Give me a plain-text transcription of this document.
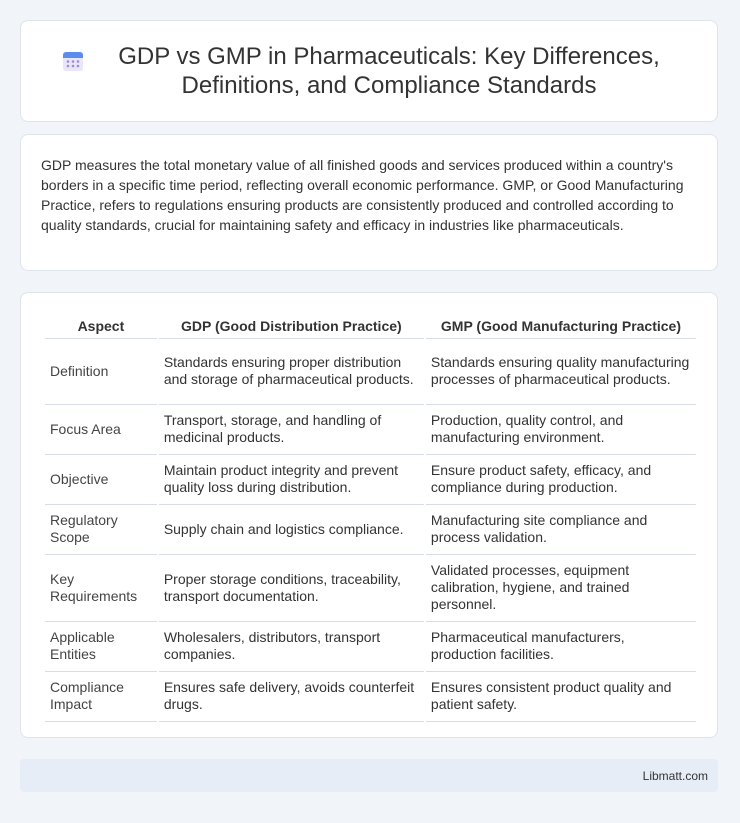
GDP vs GMP in Pharmaceuticals: Key Differences, Definitions, and Compliance Standards

GDP measures the total monetary value of all finished goods and services produced within a country's borders in a specific time period, reflecting overall economic performance. GMP, or Good Manufacturing Practice, refers to regulations ensuring products are consistently produced and controlled according to quality standards, crucial for maintaining safety and efficacy in industries like pharmaceuticals.

Aspect	GDP (Good Distribution Practice)	GMP (Good Manufacturing Practice)
Definition	Standards ensuring proper distribution and storage of pharmaceutical products.	Standards ensuring quality manufacturing processes of pharmaceutical products.
Focus Area	Transport, storage, and handling of medicinal products.	Production, quality control, and manufacturing environment.
Objective	Maintain product integrity and prevent quality loss during distribution.	Ensure product safety, efficacy, and compliance during production.
Regulatory Scope	Supply chain and logistics compliance.	Manufacturing site compliance and process validation.
Key Requirements	Proper storage conditions, traceability, transport documentation.	Validated processes, equipment calibration, hygiene, and trained personnel.
Applicable Entities	Wholesalers, distributors, transport companies.	Pharmaceutical manufacturers, production facilities.
Compliance Impact	Ensures safe delivery, avoids counterfeit drugs.	Ensures consistent product quality and patient safety.
Libmatt.com
